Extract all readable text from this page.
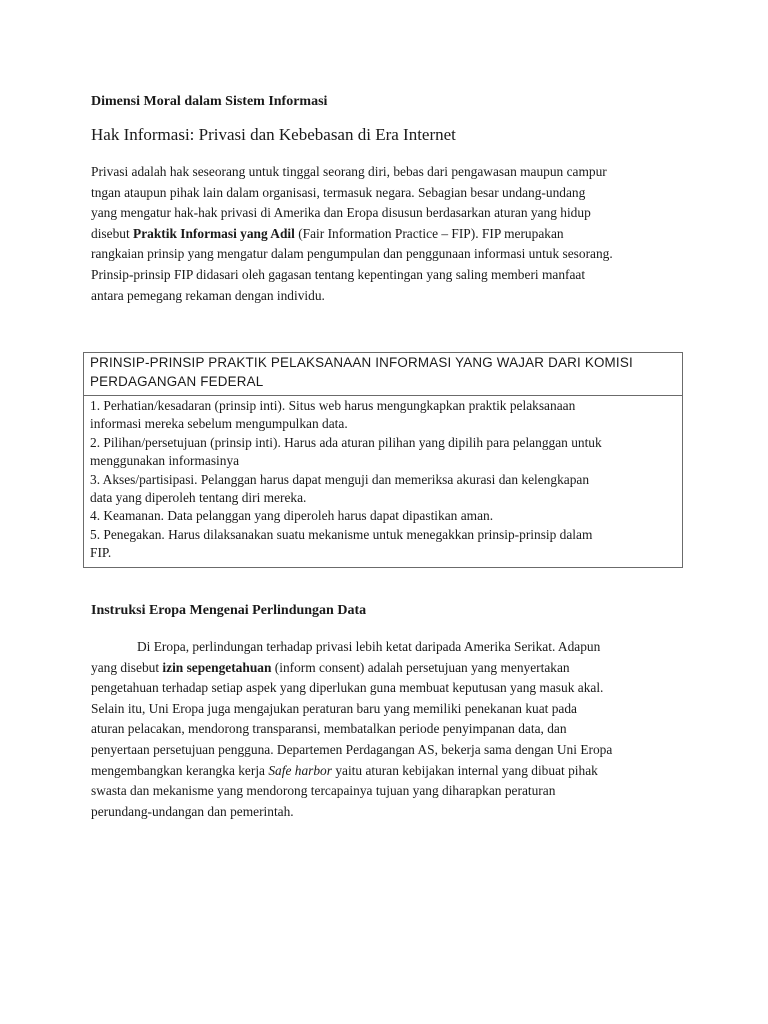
Dimensi Moral dalam Sistem Informasi
Hak Informasi: Privasi dan Kebebasan di Era Internet
Privasi adalah hak seseorang untuk tinggal seorang diri, bebas dari pengawasan maupun campur
tngan ataupun pihak lain dalam organisasi, termasuk negara. Sebagian besar undang-undang
yang mengatur hak-hak privasi di Amerika dan Eropa disusun berdasarkan aturan yang hidup
disebut Praktik Informasi yang Adil (Fair Information Practice – FIP). FIP merupakan
rangkaian prinsip yang mengatur dalam pengumpulan dan penggunaan informasi untuk sesorang.
Prinsip-prinsip FIP didasari oleh gagasan tentang kepentingan yang saling memberi manfaat
antara pemegang rekaman dengan individu.
PRINSIP-PRINSIP PRAKTIK PELAKSANAAN INFORMASI YANG WAJAR DARI KOMISI
PERDAGANGAN FEDERAL
1. Perhatian/kesadaran (prinsip inti). Situs web harus mengungkapkan praktik pelaksanaan
informasi mereka sebelum mengumpulkan data.
2. Pilihan/persetujuan (prinsip inti). Harus ada aturan pilihan yang dipilih para pelanggan untuk
menggunakan informasinya
3. Akses/partisipasi. Pelanggan harus dapat menguji dan memeriksa akurasi dan kelengkapan
data yang diperoleh tentang diri mereka.
4. Keamanan. Data pelanggan yang diperoleh harus dapat dipastikan aman.
5. Penegakan. Harus dilaksanakan suatu mekanisme untuk menegakkan prinsip-prinsip dalam
FIP.
Instruksi Eropa Mengenai Perlindungan Data
Di Eropa, perlindungan terhadap privasi lebih ketat daripada Amerika Serikat. Adapun
yang disebut izin sepengetahuan (inform consent) adalah persetujuan yang menyertakan
pengetahuan terhadap setiap aspek yang diperlukan guna membuat keputusan yang masuk akal.
Selain itu, Uni Eropa juga mengajukan peraturan baru yang memiliki penekanan kuat pada
aturan pelacakan, mendorong transparansi, membatalkan periode penyimpanan data, dan
penyertaan persetujuan pengguna. Departemen Perdagangan AS, bekerja sama dengan Uni Eropa
mengembangkan kerangka kerja Safe harbor yaitu aturan kebijakan internal yang dibuat pihak
swasta dan mekanisme yang mendorong tercapainya tujuan yang diharapkan peraturan
perundang-undangan dan pemerintah.
